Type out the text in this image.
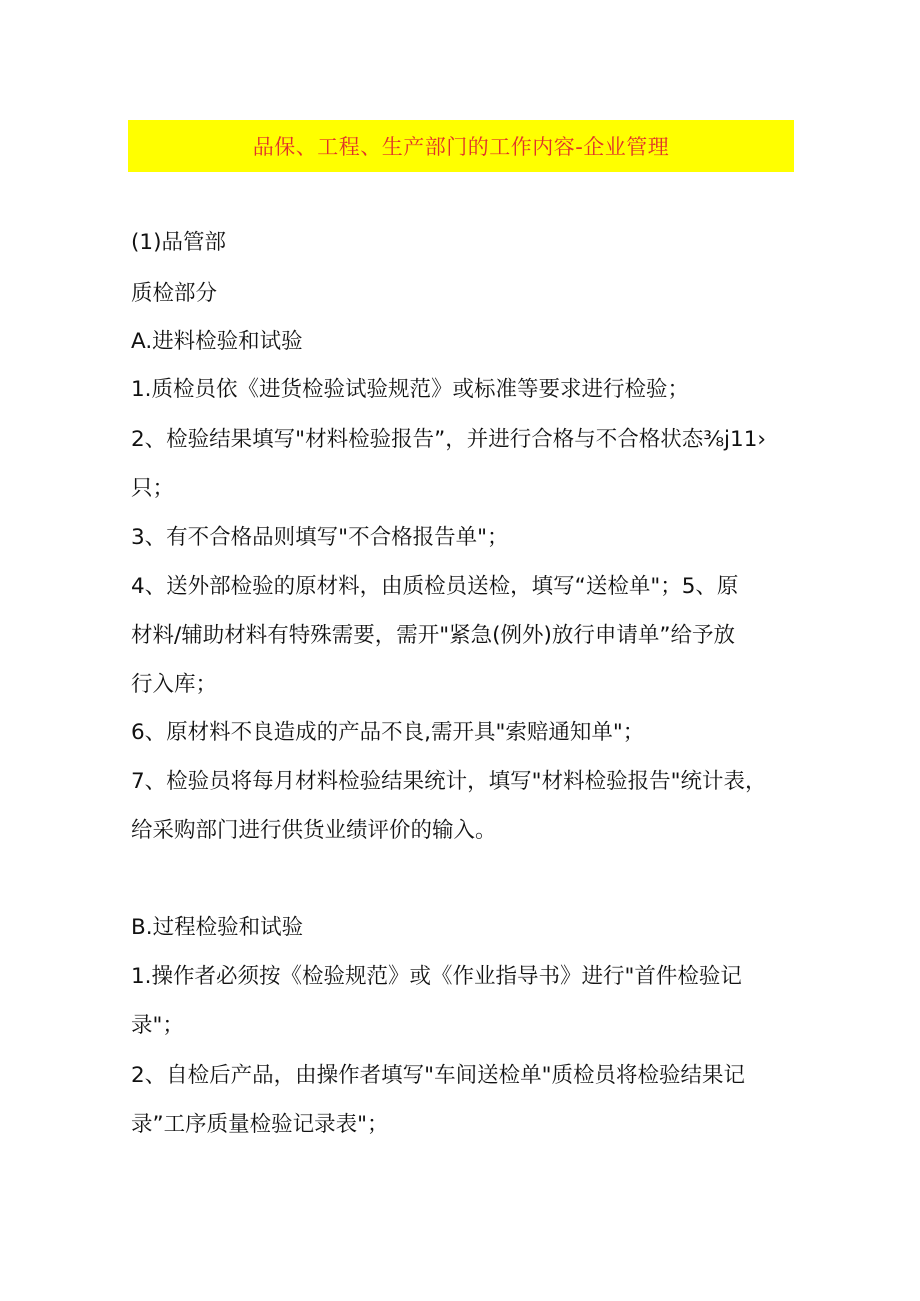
品保、工程、生产部门的工作内容-企业管理
(1)品管部
质检部分
A.进料检验和试验
1.质检员依《进货检验试验规范》或标准等要求进行检验；
2、检验结果填写"材料检验报告”，并进行合格与不合格状态⅜j11›
只；
3、有不合格品则填写"不合格报告单"；
4、送外部检验的原材料，由质检员送检，填写“送检单"；5、原
材料/辅助材料有特殊需要，需开"紧急(例外)放行申请单”给予放
行入库；
6、原材料不良造成的产品不良,需开具"索赔通知单"；
7、检验员将每月材料检验结果统计，填写"材料检验报告"统计表，
给采购部门进行供货业绩评价的输入。
B.过程检验和试验
1.操作者必须按《检验规范》或《作业指导书》进行"首件检验记
录"；
2、自检后产品，由操作者填写"车间送检单"质检员将检验结果记
录”工序质量检验记录表"；
